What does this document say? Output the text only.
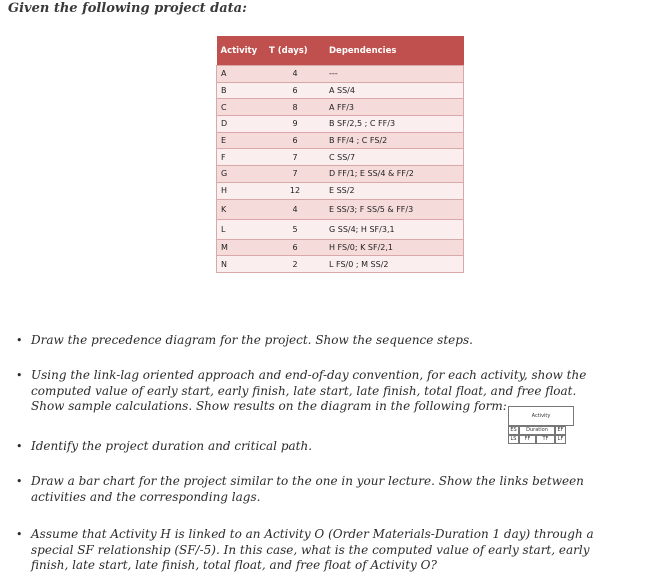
Given the following project data:
Activity	T (days)	Dependencies
A	4	---
B	6	A SS/4
C	8	A FF/3
D	9	B SF/2,5 ; C FF/3
E	6	B FF/4 ; C FS/2
F	7	C SS/7
G	7	D FF/1; E SS/4 & FF/2
H	12	E SS/2
K	4	E SS/3; F SS/5 & FF/3
L	5	G SS/4; H SF/3,1
M	6	H FS/0; K SF/2,1
N	2	L FS/0 ; M SS/2
• Draw the precedence diagram for the project. Show the sequence steps.
• Using the link-lag oriented approach and end-of-day convention, for each activity, show the
computed value of early start, early finish, late start, late finish, total float, and free float.
Show sample calculations. Show results on the diagram in the following form:
Activity
ES	Duration	EF
LS	FF	TF	LF
• Identify the project duration and critical path.
• Draw a bar chart for the project similar to the one in your lecture. Show the links between
activities and the corresponding lags.
• Assume that Activity H is linked to an Activity O (Order Materials-Duration 1 day) through a
special SF relationship (SF/-5). In this case, what is the computed value of early start, early
finish, late start, late finish, total float, and free float of Activity O?
